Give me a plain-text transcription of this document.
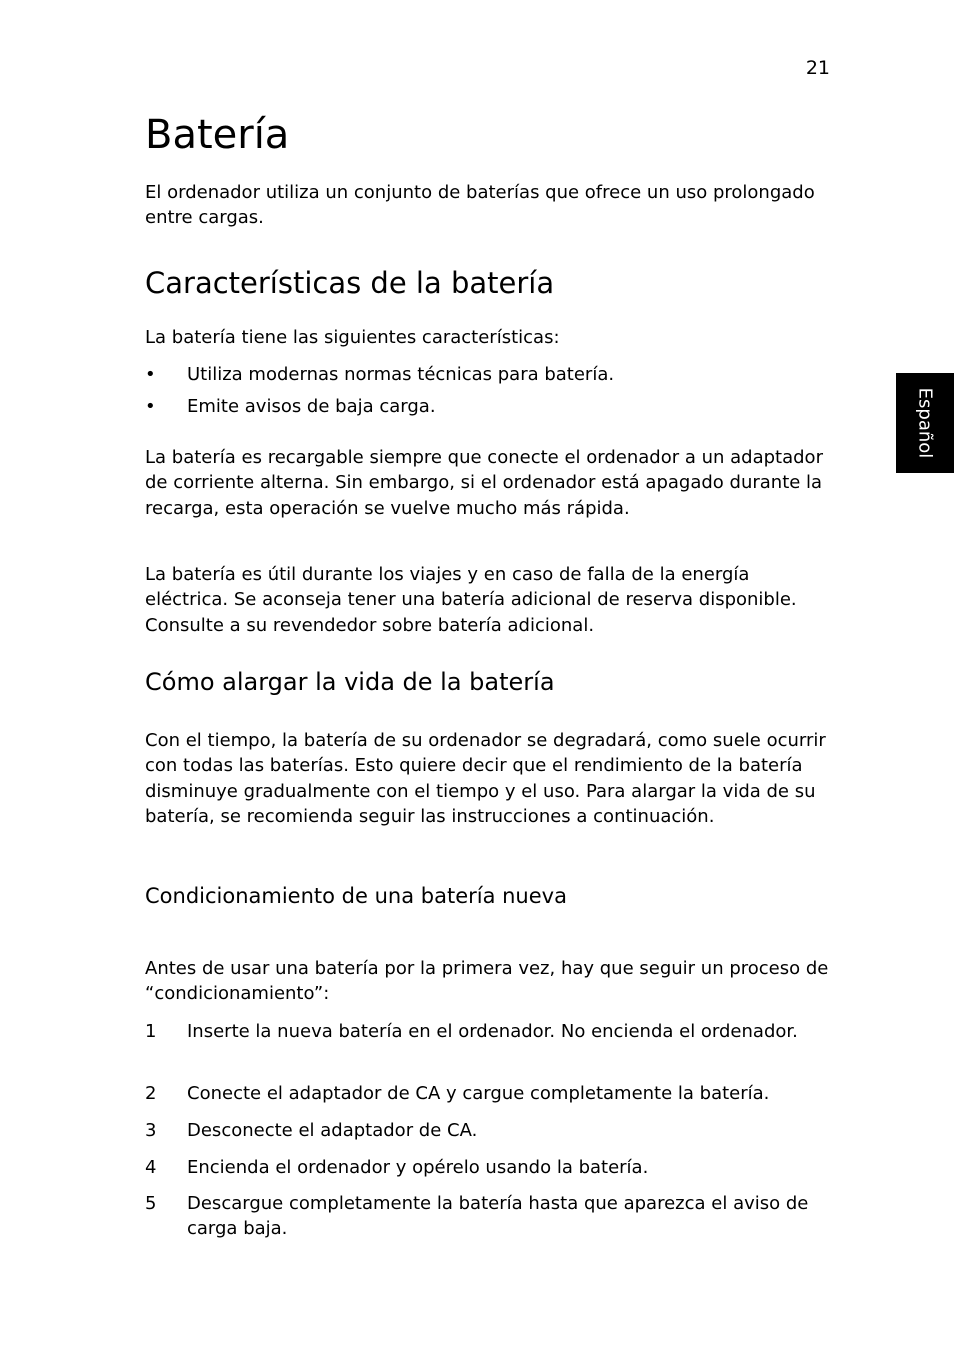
21
Español
Batería

El ordenador utiliza un conjunto de baterías que ofrece un uso prolongado entre cargas.

Características de la batería

La batería tiene las siguientes características:

• Utiliza modernas normas técnicas para batería.
• Emite avisos de baja carga.

La batería es recargable siempre que conecte el ordenador a un adaptador de corriente alterna. Sin embargo, si el ordenador está apagado durante la recarga, esta operación se vuelve mucho más rápida.

La batería es útil durante los viajes y en caso de falla de la energía eléctrica. Se aconseja tener una batería adicional de reserva disponible. Consulte a su revendedor sobre batería adicional.

Cómo alargar la vida de la batería

Con el tiempo, la batería de su ordenador se degradará, como suele ocurrir con todas las baterías. Esto quiere decir que el rendimiento de la batería disminuye gradualmente con el tiempo y el uso. Para alargar la vida de su batería, se recomienda seguir las instrucciones a continuación.

Condicionamiento de una batería nueva

Antes de usar una batería por la primera vez, hay que seguir un proceso de “condicionamiento”:

1 Inserte la nueva batería en el ordenador. No encienda el ordenador.
2 Conecte el adaptador de CA y cargue completamente la batería.
3 Desconecte el adaptador de CA.
4 Encienda el ordenador y opérelo usando la batería.
5 Descargue completamente la batería hasta que aparezca el aviso de carga baja.
